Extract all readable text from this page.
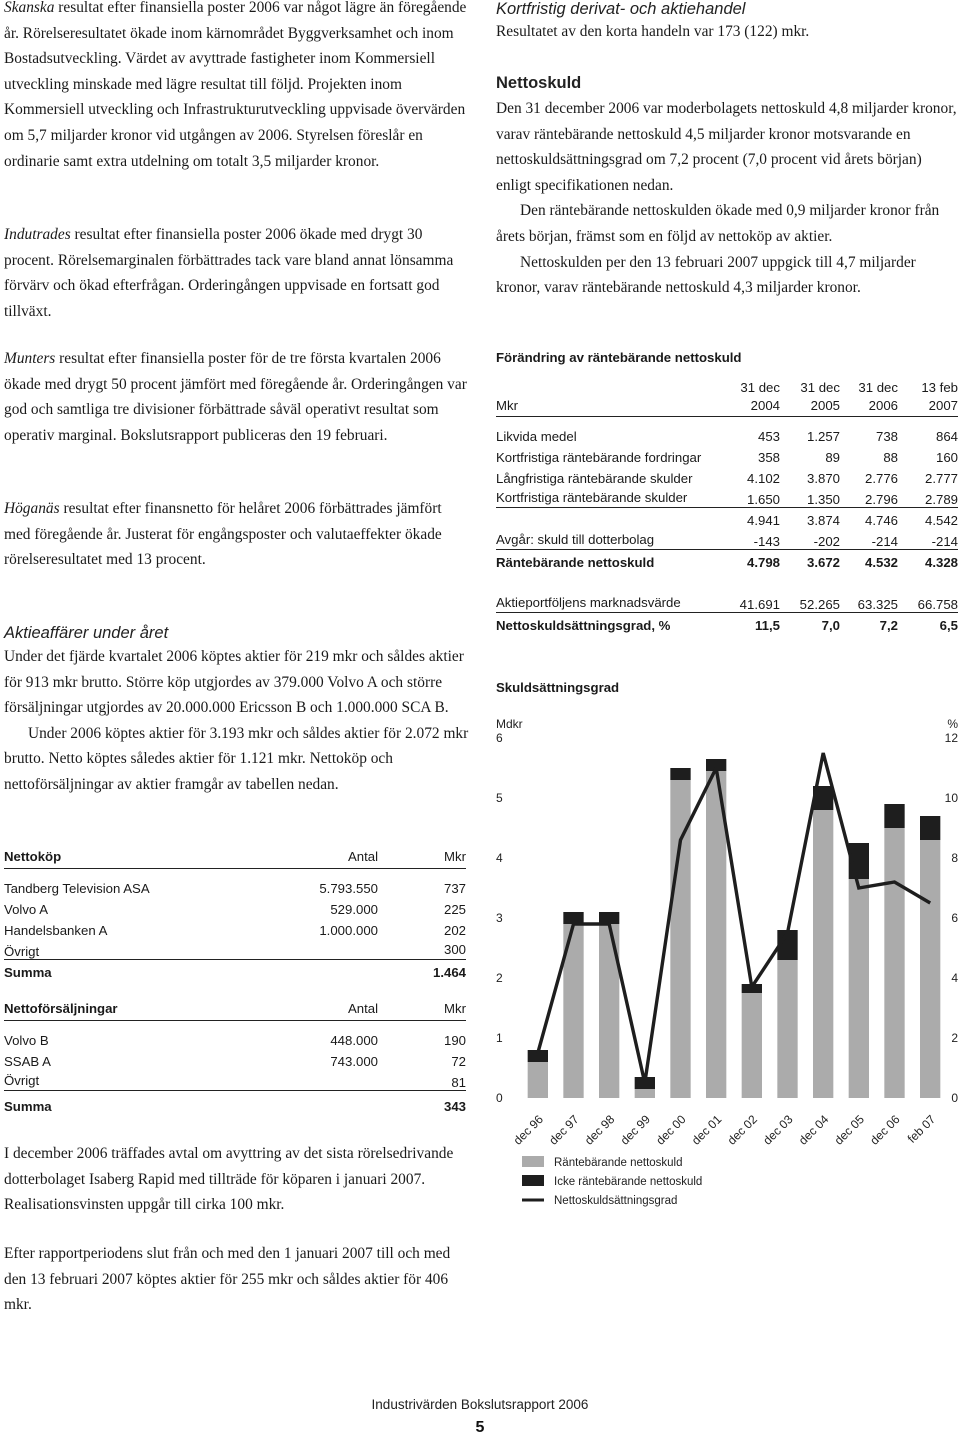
Skanska resultat efter finansiella poster 2006 var något lägre än föregående år. Rörelseresultatet ökade inom kärnområdet Byggverksamhet och inom Bostadsutveckling. Värdet av avyttrade fastigheter inom Kommersiell utveckling minskade med lägre resultat till följd. Projekten inom Kommersiell utveckling och Infrastrukturutveckling uppvisade övervärden om 5,7 miljarder kronor vid utgången av 2006. Styrelsen föreslår en ordinarie samt extra utdelning om totalt 3,5 miljarder kronor.

Indutrades resultat efter finansiella poster 2006 ökade med drygt 30 procent. Rörelsemarginalen förbättrades tack vare bland annat lönsamma förvärv och ökad efterfrågan. Orderingången uppvisade en fortsatt god tillväxt.

Munters resultat efter finansiella poster för de tre första kvartalen 2006 ökade med drygt 50 procent jämfört med föregående år. Orderingången var god och samtliga tre divisioner förbättrade såväl operativt resultat som operativ marginal. Bokslutsrapport publiceras den 19 februari.

Höganäs resultat efter finansnetto för helåret 2006 förbättrades jämfört med föregående år. Justerat för engångsposter och valutaeffekter ökade rörelseresultatet med 13 procent.

Aktieaffärer under året

Under det fjärde kvartalet 2006 köptes aktier för 219 mkr och såldes aktier för 913 mkr brutto. Större köp utgjordes av 379.000 Volvo A och större försäljningar utgjordes av 20.000.000 Ericsson B och 1.000.000 SCA B.

Under 2006 köptes aktier för 3.193 mkr och såldes aktier för 2.072 mkr brutto. Netto köptes således aktier för 1.121 mkr. Nettoköp och nettoförsäljningar av aktier framgår av tabellen nedan.

Nettoköp	Antal	Mkr
Tandberg Television ASA	5.793.550	737
Volvo A	529.000	225
Handelsbanken A	1.000.000	202
Övrigt		300
Summa		1.464
Nettoförsäljningar	Antal	Mkr
Volvo B	448.000	190
SSAB A	743.000	72
Övrigt		81
Summa		343

I december 2006 träffades avtal om avyttring av det sista rörelsedrivande dotterbolaget Isaberg Rapid med tillträde för köparen i januari 2007. Realisationsvinsten uppgår till cirka 100 mkr.

Efter rapportperiodens slut från och med den 1 januari 2007 till och med den 13 februari 2007 köptes aktier för 255 mkr och såldes aktier för 406 mkr.

Kortfristig derivat- och aktiehandel

Resultatet av den korta handeln var 173 (122) mkr.

Nettoskuld

Den 31 december 2006 var moderbolagets nettoskuld 4,8 miljarder kronor, varav räntebärande nettoskuld 4,5 miljarder kronor motsvarande en nettoskuldsättningsgrad om 7,2 procent (7,0 procent vid årets början) enligt specifikationen nedan.

Den räntebärande nettoskulden ökade med 0,9 miljarder kronor från årets början, främst som en följd av nettoköp av aktier.

Nettoskulden per den 13 februari 2007 uppgick till 4,7 miljarder kronor, varav räntebärande nettoskuld 4,3 miljarder kronor.

Förändring av räntebärande nettoskuld
	31 dec	31 dec	31 dec	13 feb
Mkr	2004	2005	2006	2007
Likvida medel	453	1.257	738	864
Kortfristiga räntebärande fordringar	358	89	88	160
Långfristiga räntebärande skulder	4.102	3.870	2.776	2.777
Kortfristiga räntebärande skulder	1.650	1.350	2.796	2.789
	4.941	3.874	4.746	4.542
Avgår: skuld till dotterbolag	-143	-202	-214	-214
Räntebärande nettoskuld	4.798	3.672	4.532	4.328

Aktieportföljens marknadsvärde	41.691	52.265	63.325	66.758
Nettoskuldsättningsgrad, %	11,5	7,0	7,2	6,5
Skuldsättningsgrad
Mdkr	%
0
1
2
3
4
5
6
0
2
4
6
8
10
12
dec 96 dec 97 dec 98 dec 99 dec 00 dec 01 dec 02 dec 03 dec 04 dec 05 dec 06 feb 07
Räntebärande nettoskuld
Icke räntebärande nettoskuld
Nettoskuldsättningsgrad
Industrivärden Bokslutsrapport 2006
5
